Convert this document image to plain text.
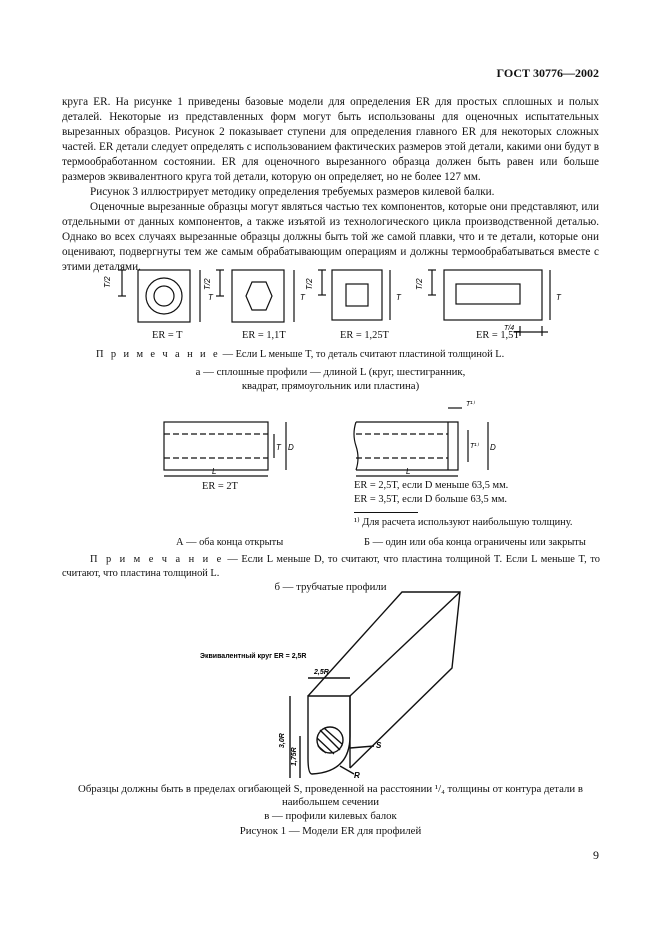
ГОСТ 30776—2002
круга ER. На рисунке 1 приведены базовые модели для определения ER для простых сплошных и полых деталей. Некоторые из представленных форм могут быть использованы для оценочных испытательных вырезанных образцов. Рисунок 2 показывает ступени для определения главного ER для некоторых сложных частей. ER детали следует определять с использованием фактических размеров этой детали, какими они будут в термообработанном состоянии. ER для оценочного вырезанного образца должен быть равен или больше размеров эквивалентного круга той детали, которую он определяет, но не более 127 мм.
Рисунок 3 иллюстрирует методику определения требуемых размеров килевой балки.
Оценочные вырезанные образцы могут являться частью тех компонентов, которые они представляют, или отдельными от данных компонентов, а также изъятой из технологического цикла производственной деталью. Однако во всех случаях вырезанные образцы должны быть той же самой плавки, что и те детали, которые они оценивают, подвергнуты тем же самым обрабатывающим операциям и должны термообрабатываться вместе с этими деталями.
T/2
T
T/2
T
T/2
T
T/2
T
T/4
ER = T	ER = 1,1T	ER = 1,25T	ER = 1,5T
П р и м е ч а н и е — Если L меньше T, то деталь считают пластиной толщиной L.
а — сплошные профили — длиной L (круг, шестигранник,
квадрат, прямоугольник или пластина)
T D
L
T¹⁾
T¹⁾ D
L
ER = 2T	ER = 2,5T, если D меньше 63,5 мм.
ER = 3,5T, если D больше 63,5 мм.
¹⁾ Для расчета используют наибольшую толщину.
А — оба конца открыты	Б — один или оба конца ограничены или закрыты
П р и м е ч а н и е — Если L меньше D, то считают, что пластина толщиной T. Если L меньше T, то считают, что пластина толщиной L.
б — трубчатые профили
Эквивалентный круг ER = 2,5R
2,5R
3,0R
1,75R
S
R
Образцы должны быть в пределах огибающей S, проведенной на расстоянии ¹/₄ толщины от контура детали в наибольшем сечении
в — профили килевых балок
Рисунок 1 — Модели ER для профилей
9
